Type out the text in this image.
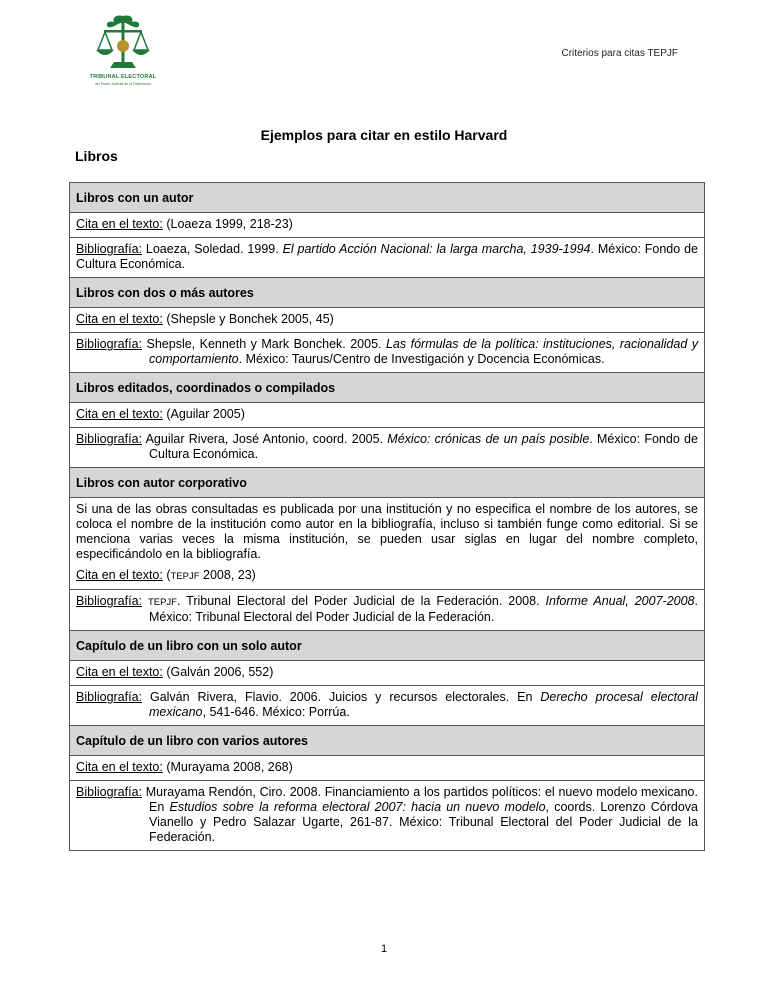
TRIBUNAL ELECTORAL
del Poder Judicial de la Federación
Criterios para citas TEPJF
Ejemplos para citar en estilo Harvard
Libros
Libros con un autor
Cita en el texto: (Loaeza 1999, 218-23)

Bibliografía: Loaeza, Soledad. 1999. El partido Acción Nacional: la larga marcha, 1939-1994. México: Fondo de Cultura Económica.

Libros con dos o más autores
Cita en el texto: (Shepsle y Bonchek 2005, 45)

Bibliografía: Shepsle, Kenneth y Mark Bonchek. 2005. Las fórmulas de la política: instituciones, racionalidad y comportamiento. México: Taurus/Centro de Investigación y Docencia Económicas.

Libros editados, coordinados o compilados
Cita en el texto: (Aguilar 2005)

Bibliografía: Aguilar Rivera, José Antonio, coord. 2005. México: crónicas de un país posible. México: Fondo de Cultura Económica.

Libros con autor corporativo

Si una de las obras consultadas es publicada por una institución y no especifica el nombre de los autores, se coloca el nombre de la institución como autor en la bibliografía, incluso si también funge como editorial. Si se menciona varias veces la misma institución, se pueden usar siglas en lugar del nombre completo, especificándolo en la bibliografía.

Cita en el texto: (TEPJF 2008, 23)

Bibliografía: TEPJF. Tribunal Electoral del Poder Judicial de la Federación. 2008. Informe Anual, 2007-2008. México: Tribunal Electoral del Poder Judicial de la Federación.

Capítulo de un libro con un solo autor
Cita en el texto: (Galván 2006, 552)

Bibliografía: Galván Rivera, Flavio. 2006. Juicios y recursos electorales. En Derecho procesal electoral mexicano, 541-646. México: Porrúa.

Capítulo de un libro con varios autores
Cita en el texto: (Murayama 2008, 268)

Bibliografía: Murayama Rendón, Ciro. 2008. Financiamiento a los partidos políticos: el nuevo modelo mexicano. En Estudios sobre la reforma electoral 2007: hacia un nuevo modelo, coords. Lorenzo Córdova Vianello y Pedro Salazar Ugarte, 261-87. México: Tribunal Electoral del Poder Judicial de la Federación.

1
